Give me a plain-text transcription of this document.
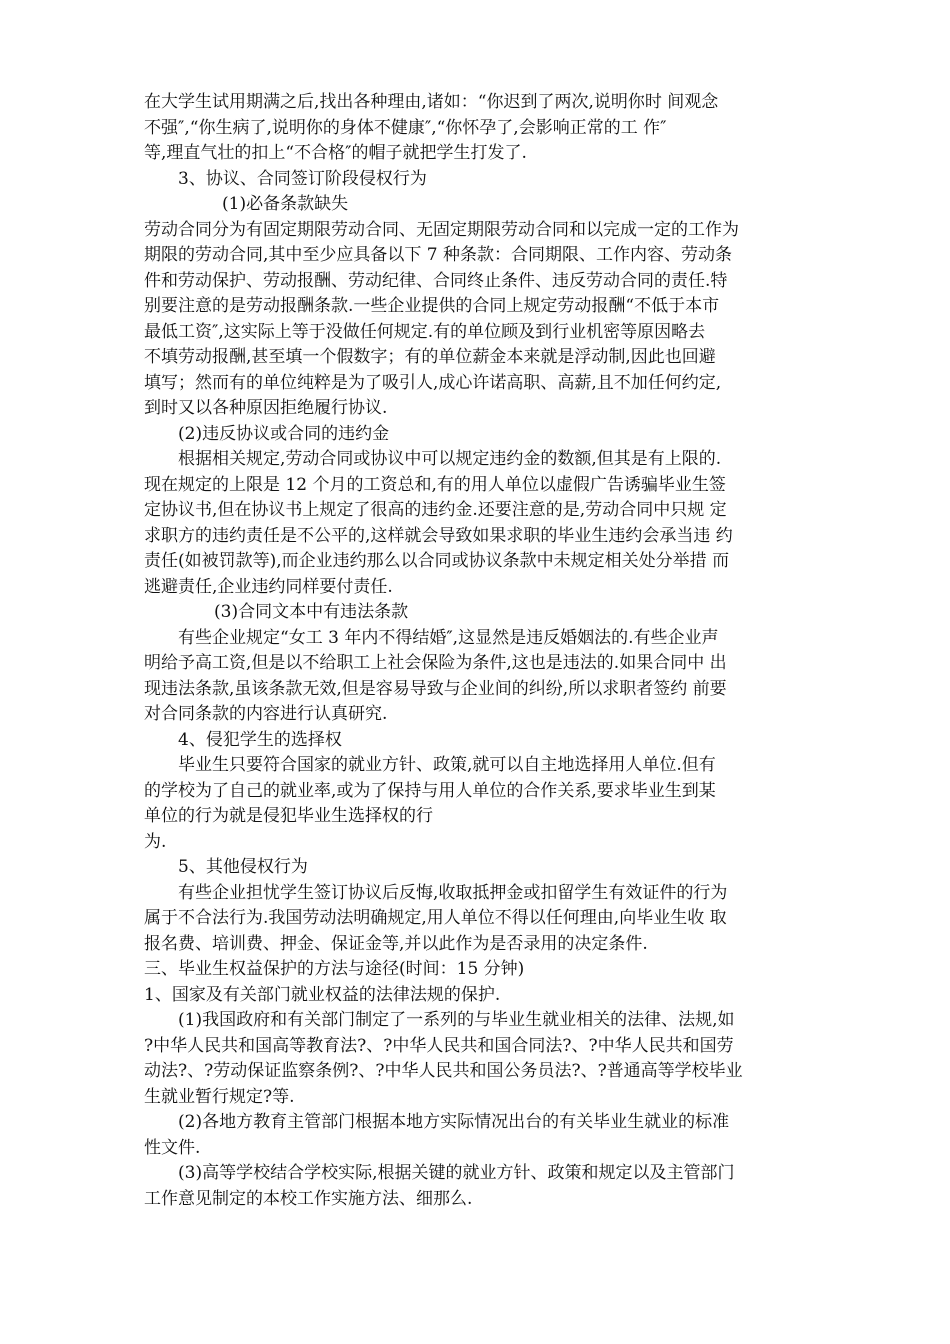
在大学生试用期满之后,找出各种理由,诸如：“你迟到了两次,说明你时 间观念
不强″,“你生病了,说明你的身体不健康″,“你怀孕了,会影响正常的工 作″
等,理直气壮的扣上“不合格″的帽子就把学生打发了.
3、协议、合同签订阶段侵权行为
(1)必备条款缺失
劳动合同分为有固定期限劳动合同、无固定期限劳动合同和以完成一定的工作为
期限的劳动合同,其中至少应具备以下 7 种条款：合同期限、工作内容、劳动条
件和劳动保护、劳动报酬、劳动纪律、合同终止条件、违反劳动合同的责任.特
别要注意的是劳动报酬条款.一些企业提供的合同上规定劳动报酬“不低于本市
最低工资″,这实际上等于没做任何规定.有的单位顾及到行业机密等原因略去
不填劳动报酬,甚至填一个假数字；有的单位薪金本来就是浮动制,因此也回避
填写；然而有的单位纯粹是为了吸引人,成心许诺高职、高薪,且不加任何约定,
到时又以各种原因拒绝履行协议.
(2)违反协议或合同的违约金
根据相关规定,劳动合同或协议中可以规定违约金的数额,但其是有上限的.
现在规定的上限是 12 个月的工资总和,有的用人单位以虚假广告诱骗毕业生签
定协议书,但在协议书上规定了很高的违约金.还要注意的是,劳动合同中只规 定
求职方的违约责任是不公平的,这样就会导致如果求职的毕业生违约会承当违 约
责任(如被罚款等),而企业违约那么以合同或协议条款中未规定相关处分举措 而
逃避责任,企业违约同样要付责任.
(3)合同文本中有违法条款
有些企业规定“女工 3 年内不得结婚″,这显然是违反婚姻法的.有些企业声
明给予高工资,但是以不给职工上社会保险为条件,这也是违法的.如果合同中 出
现违法条款,虽该条款无效,但是容易导致与企业间的纠纷,所以求职者签约 前要
对合同条款的内容进行认真研究.
4、侵犯学生的选择权
毕业生只要符合国家的就业方针、政策,就可以自主地选择用人单位.但有
的学校为了自己的就业率,或为了保持与用人单位的合作关系,要求毕业生到某
单位的行为就是侵犯毕业生选择权的行
为.
5、其他侵权行为
有些企业担忧学生签订协议后反悔,收取抵押金或扣留学生有效证件的行为
属于不合法行为.我国劳动法明确规定,用人单位不得以任何理由,向毕业生收 取
报名费、培训费、押金、保证金等,并以此作为是否录用的决定条件.
三、毕业生权益保护的方法与途径(时间：15 分钟)
1、国家及有关部门就业权益的法律法规的保护.
(1)我国政府和有关部门制定了一系列的与毕业生就业相关的法律、法规,如
?中华人民共和国高等教育法?、?中华人民共和国合同法?、?中华人民共和国劳
动法?、?劳动保证监察条例?、?中华人民共和国公务员法?、?普通高等学校毕业
生就业暂行规定?等.
(2)各地方教育主管部门根据本地方实际情况出台的有关毕业生就业的标准
性文件.
(3)高等学校结合学校实际,根据关键的就业方针、政策和规定以及主管部门
工作意见制定的本校工作实施方法、细那么.
